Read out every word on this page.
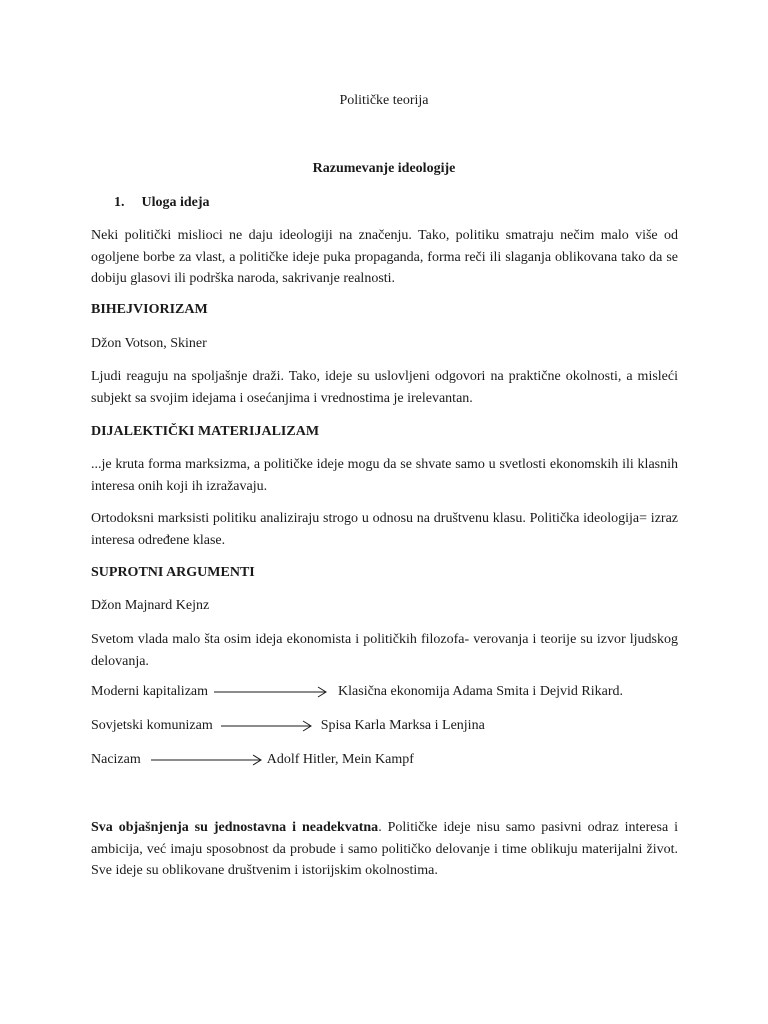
Političke teorija
Razumevanje ideologije
1. Uloga ideja

Neki politički mislioci ne daju ideologiji na značenju. Tako, politiku smatraju nečim malo više od ogoljene borbe za vlast, a političke ideje puka propaganda, forma reči ili slaganja oblikovana tako da se dobiju glasovi ili podrška naroda, sakrivanje realnosti.

BIHEJVIORIZAM
Džon Votson, Skiner

Ljudi reaguju na spoljašnje draži. Tako, ideje su uslovljeni odgovori na praktične okolnosti, a misleći subjekt sa svojim idejama i osećanjima i vrednostima je irelevantan.

DIJALEKTIČKI MATERIJALIZAM

...je kruta forma marksizma, a političke ideje mogu da se shvate samo u svetlosti ekonomskih ili klasnih interesa onih koji ih izražavaju.

Ortodoksni marksisti politiku analiziraju strogo u odnosu na društvenu klasu. Politička ideologija= izraz interesa određene klase.

SUPROTNI ARGUMENTI
Džon Majnard Kejnz

Svetom vlada malo šta osim ideja ekonomista i političkih filozofa- verovanja i teorije su izvor ljudskog delovanja.

Moderni kapitalizam	Klasična ekonomija Adama Smita i Dejvid Rikard.
Sovjetski komunizam	Spisa Karla Marksa i Lenjina
Nacizam	Adolf Hitler, Mein Kampf

Sva objašnjenja su jednostavna i neadekvatna. Političke ideje nisu samo pasivni odraz interesa i ambicija, već imaju sposobnost da probude i samo političko delovanje i time oblikuju materijalni život. Sve ideje su oblikovane društvenim i istorijskim okolnostima.
